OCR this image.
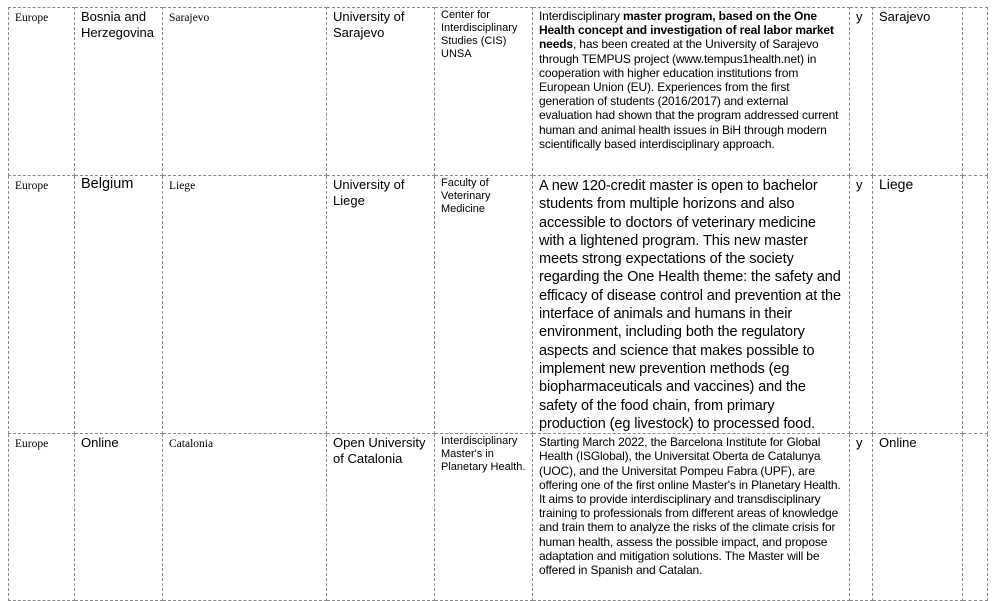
Europe	Bosnia and Herzegovina	Sarajevo	University of Sarajevo	Center for Interdisciplinary Studies (CIS) UNSA	Interdisciplinary master program, based on the One Health concept and investigation of real labor market needs, has been created at the University of Sarajevo through TEMPUS project (www.tempus1health.net) in cooperation with higher education institutions from European Union (EU). Experiences from the first generation of students (2016/2017) and external evaluation had shown that the program addressed current human and animal health issues in BiH through modern scientifically based interdisciplinary approach.	y	Sarajevo	
Europe	Belgium	Liege	University of Liege	Faculty of Veterinary Medicine	A new 120-credit master is open to bachelor students from multiple horizons and also accessible to doctors of veterinary medicine with a lightened program. This new master meets strong expectations of the society regarding the One Health theme: the safety and efficacy of disease control and prevention at the interface of animals and humans in their environment, including both the regulatory aspects and science that makes possible to implement new prevention methods (eg biopharmaceuticals and vaccines) and the safety of the food chain, from primary production (eg livestock) to processed food.	y	Liege	
Europe	Online	Catalonia	Open University of Catalonia	Interdisciplinary Master's in Planetary Health.	Starting March 2022, the Barcelona Institute for Global Health (ISGlobal), the Universitat Oberta de Catalunya (UOC), and the Universitat Pompeu Fabra (UPF), are offering one of the first online Master's in Planetary Health. It aims to provide interdisciplinary and transdisciplinary training to professionals from different areas of knowledge and train them to analyze the risks of the climate crisis for human health, assess the possible impact, and propose adaptation and mitigation solutions. The Master will be offered in Spanish and Catalan.	y	Online	
